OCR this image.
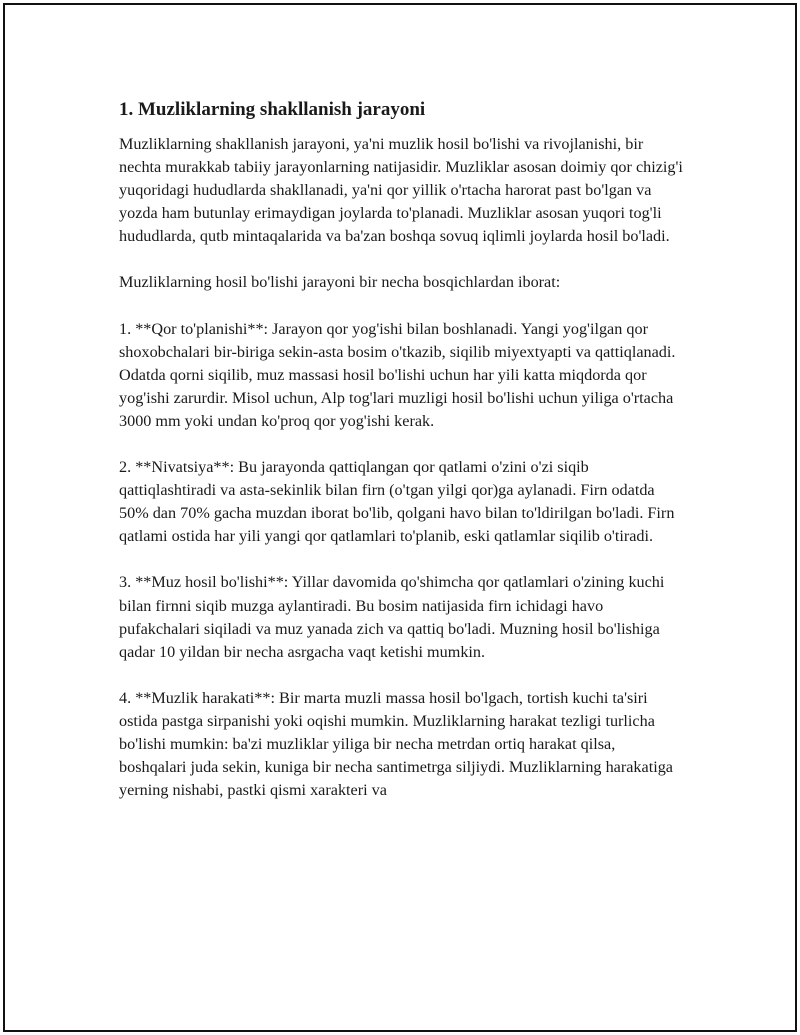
1. Muzliklarning shakllanish jarayoni

Muzliklarning shakllanish jarayoni, ya'ni muzlik hosil bo'lishi va rivojlanishi, bir nechta murakkab tabiiy jarayonlarning natijasidir. Muzliklar asosan doimiy qor chizig'i yuqoridagi hududlarda shakllanadi, ya'ni qor yillik o'rtacha harorat past bo'lgan va yozda ham butunlay erimaydigan joylarda to'planadi. Muzliklar asosan yuqori tog'li hududlarda, qutb mintaqalarida va ba'zan boshqa sovuq iqlimli joylarda hosil bo'ladi.

Muzliklarning hosil bo'lishi jarayoni bir necha bosqichlardan iborat:

1. **Qor to'planishi**: Jarayon qor yog'ishi bilan boshlanadi. Yangi yog'ilgan qor shoxobchalari bir-biriga sekin-asta bosim o'tkazib, siqilib miyextyapti va qattiqlanadi. Odatda qorni siqilib, muz massasi hosil bo'lishi uchun har yili katta miqdorda qor yog'ishi zarurdir. Misol uchun, Alp tog'lari muzligi hosil bo'lishi uchun yiliga o'rtacha 3000 mm yoki undan ko'proq qor yog'ishi kerak.

2. **Nivatsiya**: Bu jarayonda qattiqlangan qor qatlami o'zini o'zi siqib qattiqlashtiradi va asta-sekinlik bilan firn (o'tgan yilgi qor)ga aylanadi. Firn odatda 50% dan 70% gacha muzdan iborat bo'lib, qolgani havo bilan to'ldirilgan bo'ladi. Firn qatlami ostida har yili yangi qor qatlamlari to'planib, eski qatlamlar siqilib o'tiradi.

3. **Muz hosil bo'lishi**: Yillar davomida qo'shimcha qor qatlamlari o'zining kuchi bilan firnni siqib muzga aylantiradi. Bu bosim natijasida firn ichidagi havo pufakchalari siqiladi va muz yanada zich va qattiq bo'ladi. Muzning hosil bo'lishiga qadar 10 yildan bir necha asrgacha vaqt ketishi mumkin.

4. **Muzlik harakati**: Bir marta muzli massa hosil bo'lgach, tortish kuchi ta'siri ostida pastga sirpanishi yoki oqishi mumkin. Muzliklarning harakat tezligi turlicha bo'lishi mumkin: ba'zi muzliklar yiliga bir necha metrdan ortiq harakat qilsa, boshqalari juda sekin, kuniga bir necha santimetrga siljiydi. Muzliklarning harakatiga yerning nishabi, pastki qismi xarakteri va
